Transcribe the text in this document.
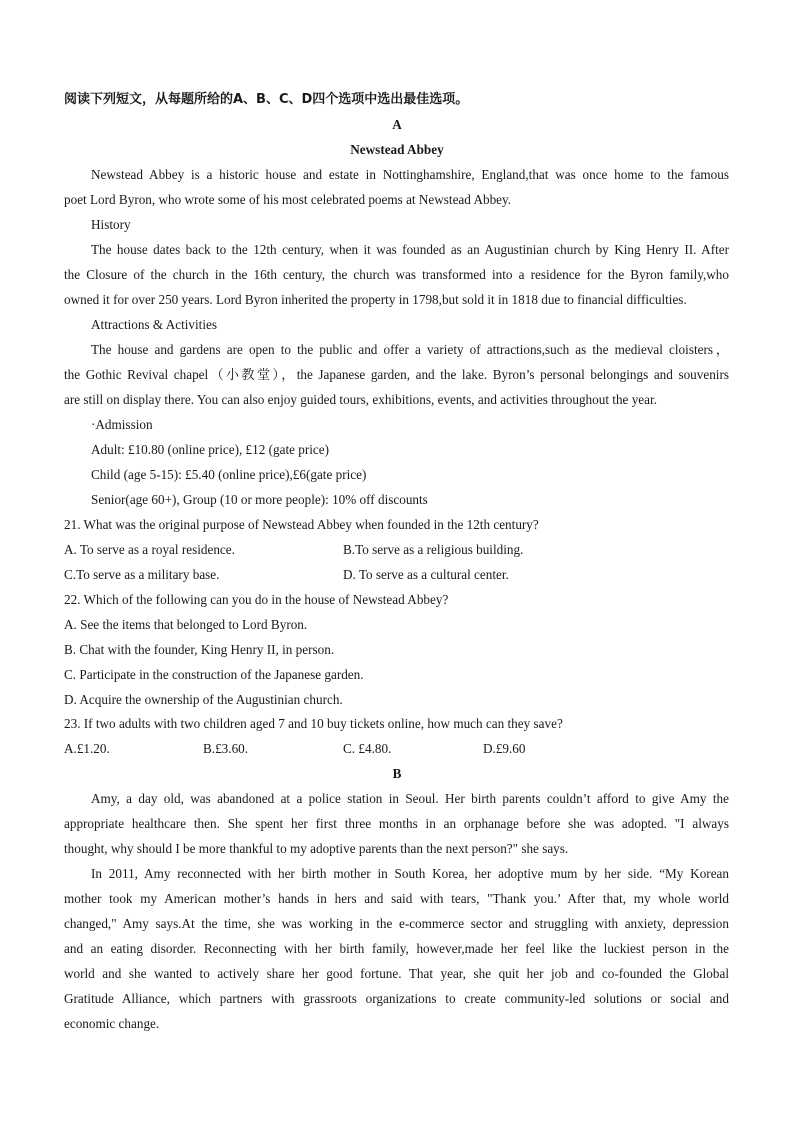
阅读下列短文，从每题所给的A、B、C、D四个选项中选出最佳选项。
A
Newstead Abbey
Newstead Abbey is a historic house and estate in Nottinghamshire, England,that was once home to the famous
poet Lord Byron, who wrote some of his most celebrated poems at Newstead Abbey.
History
The house dates back to the 12th century, when it was founded as an Augustinian church by King Henry II. After
the Closure of the church in the 16th century, the church was transformed into a residence for the Byron family,who
owned it for over 250 years. Lord Byron inherited the property in 1798,but sold it in 1818 due to financial difficulties.
Attractions & Activities
The house and gardens are open to the public and offer a variety of attractions,such as the medieval cloisters，
the Gothic Revival chapel（小教堂），the Japanese garden, and the lake. Byron’s personal belongings and souvenirs
are still on display there. You can also enjoy guided tours, exhibitions, events, and activities throughout the year.
·Admission
Adult: £10.80 (online price), £12 (gate price)
Child (age 5-15): £5.40 (online price),£6(gate price)
Senior(age 60+), Group (10 or more people): 10% off discounts
21. What was the original purpose of Newstead Abbey when founded in the 12th century?
A. To serve as a royal residence.	B.To serve as a religious building.
C.To serve as a military base.	D. To serve as a cultural center.
22. Which of the following can you do in the house of Newstead Abbey?
A. See the items that belonged to Lord Byron.
B. Chat with the founder, King Henry II, in person.
C. Participate in the construction of the Japanese garden.
D. Acquire the ownership of the Augustinian church.
23. If two adults with two children aged 7 and 10 buy tickets online, how much can they save?
A.£1.20.	B.£3.60.	C. £4.80.	D.£9.60
B
Amy, a day old, was abandoned at a police station in Seoul. Her birth parents couldn’t afford to give Amy the
appropriate healthcare then. She spent her first three months in an orphanage before she was adopted. "I always
thought, why should I be more thankful to my adoptive parents than the next person?" she says.
In 2011, Amy reconnected with her birth mother in South Korea, her adoptive mum by her side. “My Korean
mother took my American mother’s hands in hers and said with tears, "Thank you.’ After that, my whole world
changed," Amy says.At the time, she was working in the e-commerce sector and struggling with anxiety, depression
and an eating disorder. Reconnecting with her birth family, however,made her feel like the luckiest person in the
world and she wanted to actively share her good fortune. That year, she quit her job and co-founded the Global
Gratitude Alliance, which partners with grassroots organizations to create community-led solutions or social and
economic change.
